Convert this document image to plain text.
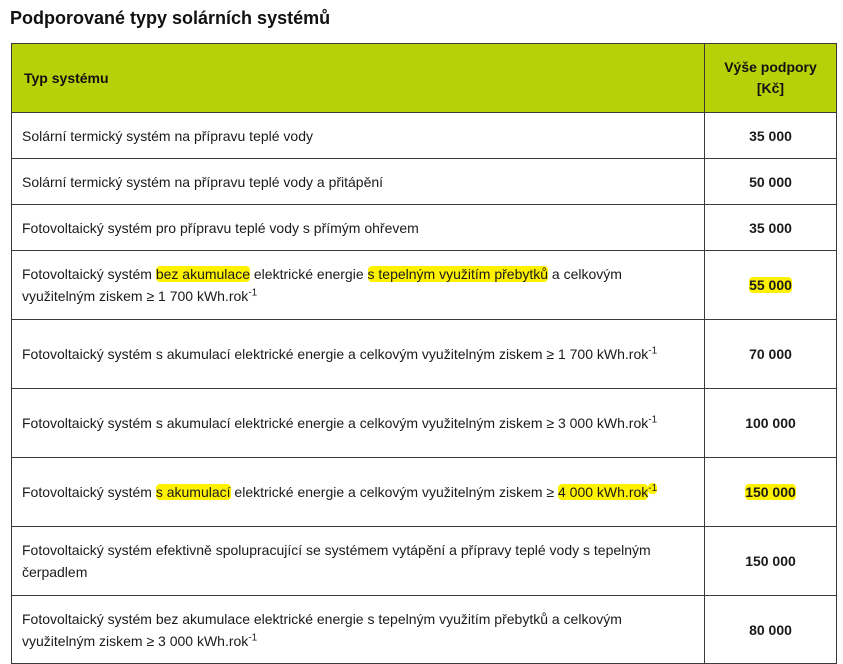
Podporované typy solárních systémů
Typ systému	Výše podpory
[Kč]
Solární termický systém na přípravu teplé vody	35 000
Solární termický systém na přípravu teplé vody a přitápění	50 000
Fotovoltaický systém pro přípravu teplé vody s přímým ohřevem	35 000
Fotovoltaický systém bez akumulace elektrické energie s tepelným využitím přebytků a celkovým využitelným ziskem ≥ 1 700 kWh.rok$^{-1}$	55 000
Fotovoltaický systém s akumulací elektrické energie a celkovým využitelným ziskem ≥ 1 700 kWh.rok$^{-1}$	70 000
Fotovoltaický systém s akumulací elektrické energie a celkovým využitelným ziskem ≥ 3 000 kWh.rok$^{-1}$	100 000
Fotovoltaický systém s akumulací elektrické energie a celkovým využitelným ziskem ≥ 4 000 kWh.rok$^{-1}$	150 000
Fotovoltaický systém efektivně spolupracující se systémem vytápění a přípravy teplé vody s tepelným čerpadlem	150 000
Fotovoltaický systém bez akumulace elektrické energie s tepelným využitím přebytků a celkovým využitelným ziskem ≥ 3 000 kWh.rok$^{-1}$	80 000
